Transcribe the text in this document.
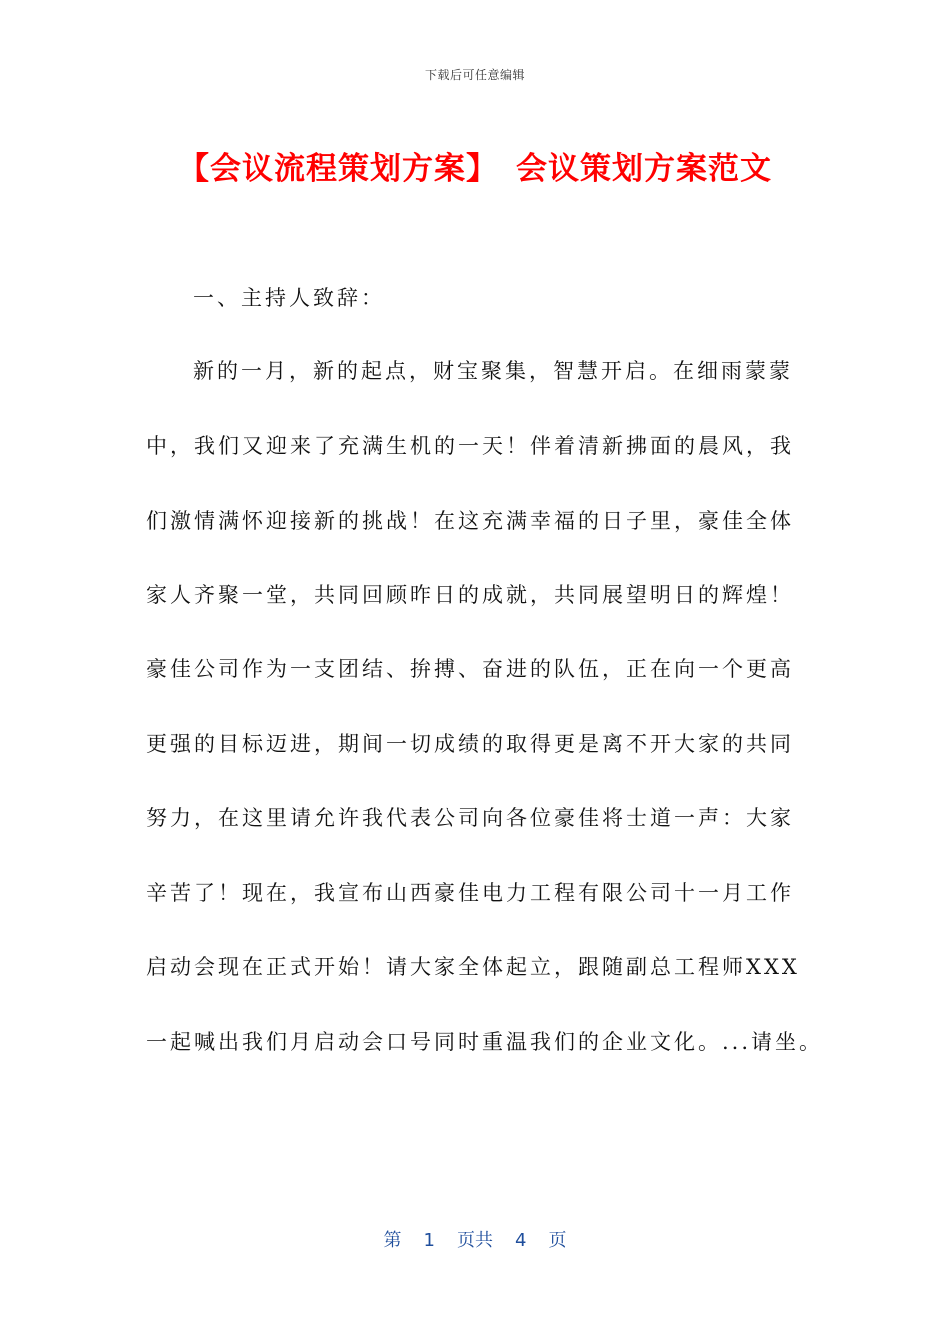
下载后可任意编辑
【会议流程策划方案】 会议策划方案范文
一、主持人致辞：
新的一月，新的起点，财宝聚集，智慧开启。在细雨蒙蒙
中，我们又迎来了充满生机的一天！伴着清新拂面的晨风，我
们激情满怀迎接新的挑战！在这充满幸福的日子里，豪佳全体
家人齐聚一堂，共同回顾昨日的成就，共同展望明日的辉煌！
豪佳公司作为一支团结、拚搏、奋进的队伍，正在向一个更高
更强的目标迈进，期间一切成绩的取得更是离不开大家的共同
努力，在这里请允许我代表公司向各位豪佳将士道一声：大家
辛苦了！现在，我宣布山西豪佳电力工程有限公司十一月工作
启动会现在正式开始！请大家全体起立，跟随副总工程师XXX
一起喊出我们月启动会口号同时重温我们的企业文化。...请坐。
第 1 页共 4 页
